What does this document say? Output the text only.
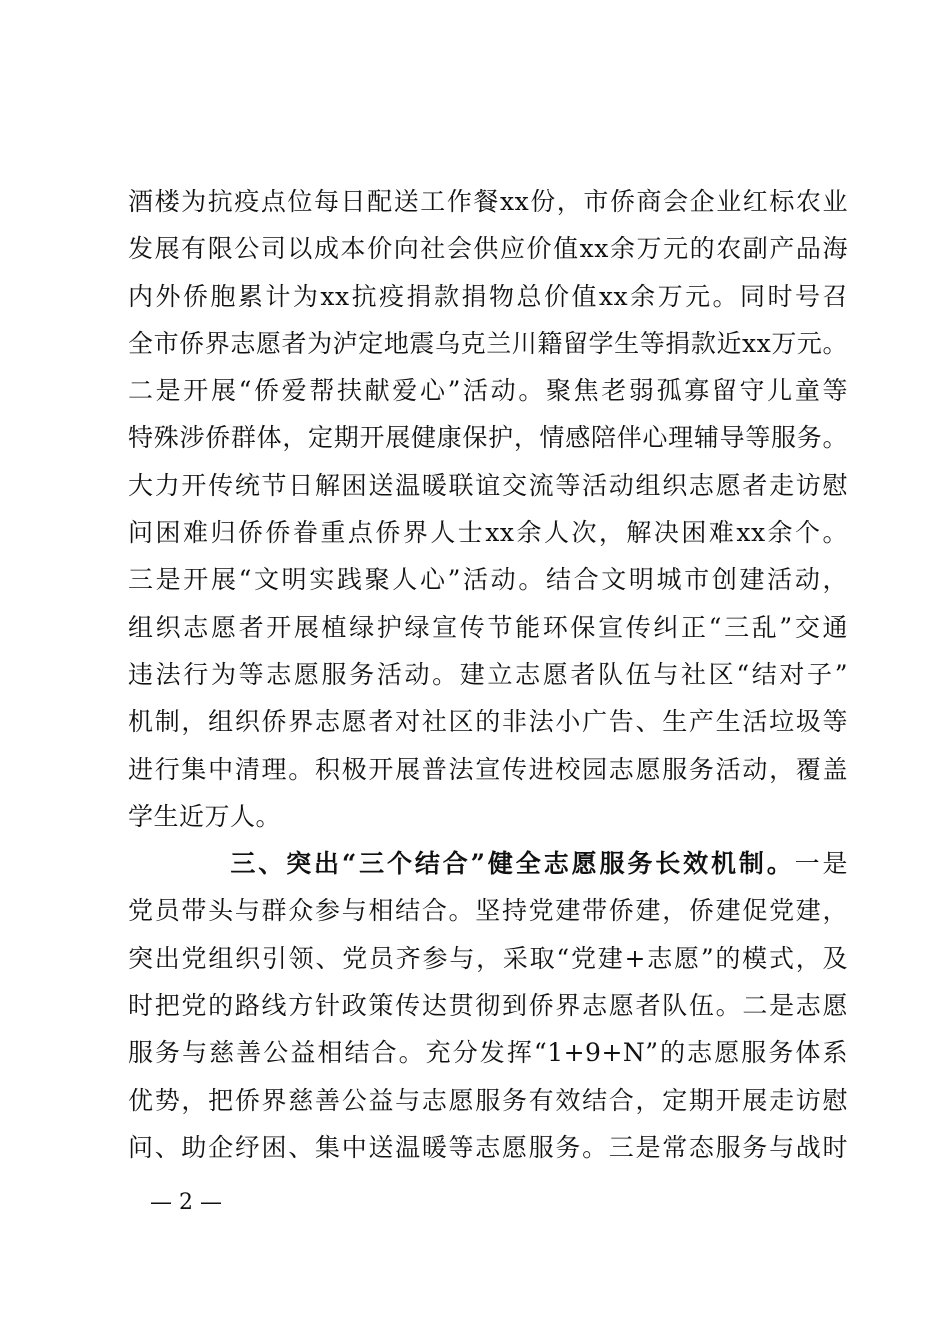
酒楼为抗疫点位每日配送工作餐xx份，市侨商会企业红标农业
发展有限公司以成本价向社会供应价值xx余万元的农副产品海
内外侨胞累计为xx抗疫捐款捐物总价值xx余万元。同时号召
全市侨界志愿者为泸定地震乌克兰川籍留学生等捐款近xx万元。
二是开展“侨爱帮扶献爱心”活动。聚焦老弱孤寡留守儿童等
特殊涉侨群体，定期开展健康保护，情感陪伴心理辅导等服务。
大力开传统节日解困送温暖联谊交流等活动组织志愿者走访慰
问困难归侨侨眷重点侨界人士xx余人次，解决困难xx余个。
三是开展“文明实践聚人心”活动。结合文明城市创建活动，
组织志愿者开展植绿护绿宣传节能环保宣传纠正“三乱”交通
违法行为等志愿服务活动。建立志愿者队伍与社区“结对子”
机制，组织侨界志愿者对社区的非法小广告、生产生活垃圾等
进行集中清理。积极开展普法宣传进校园志愿服务活动，覆盖
学生近万人。
三、突出“三个结合”健全志愿服务长效机制。一是
党员带头与群众参与相结合。坚持党建带侨建，侨建促党建，
突出党组织引领、党员齐参与，采取“党建+志愿”的模式，及
时把党的路线方针政策传达贯彻到侨界志愿者队伍。二是志愿
服务与慈善公益相结合。充分发挥“1+9+N”的志愿服务体系
优势，把侨界慈善公益与志愿服务有效结合，定期开展走访慰
问、助企纾困、集中送温暖等志愿服务。三是常态服务与战时
— 2 —
